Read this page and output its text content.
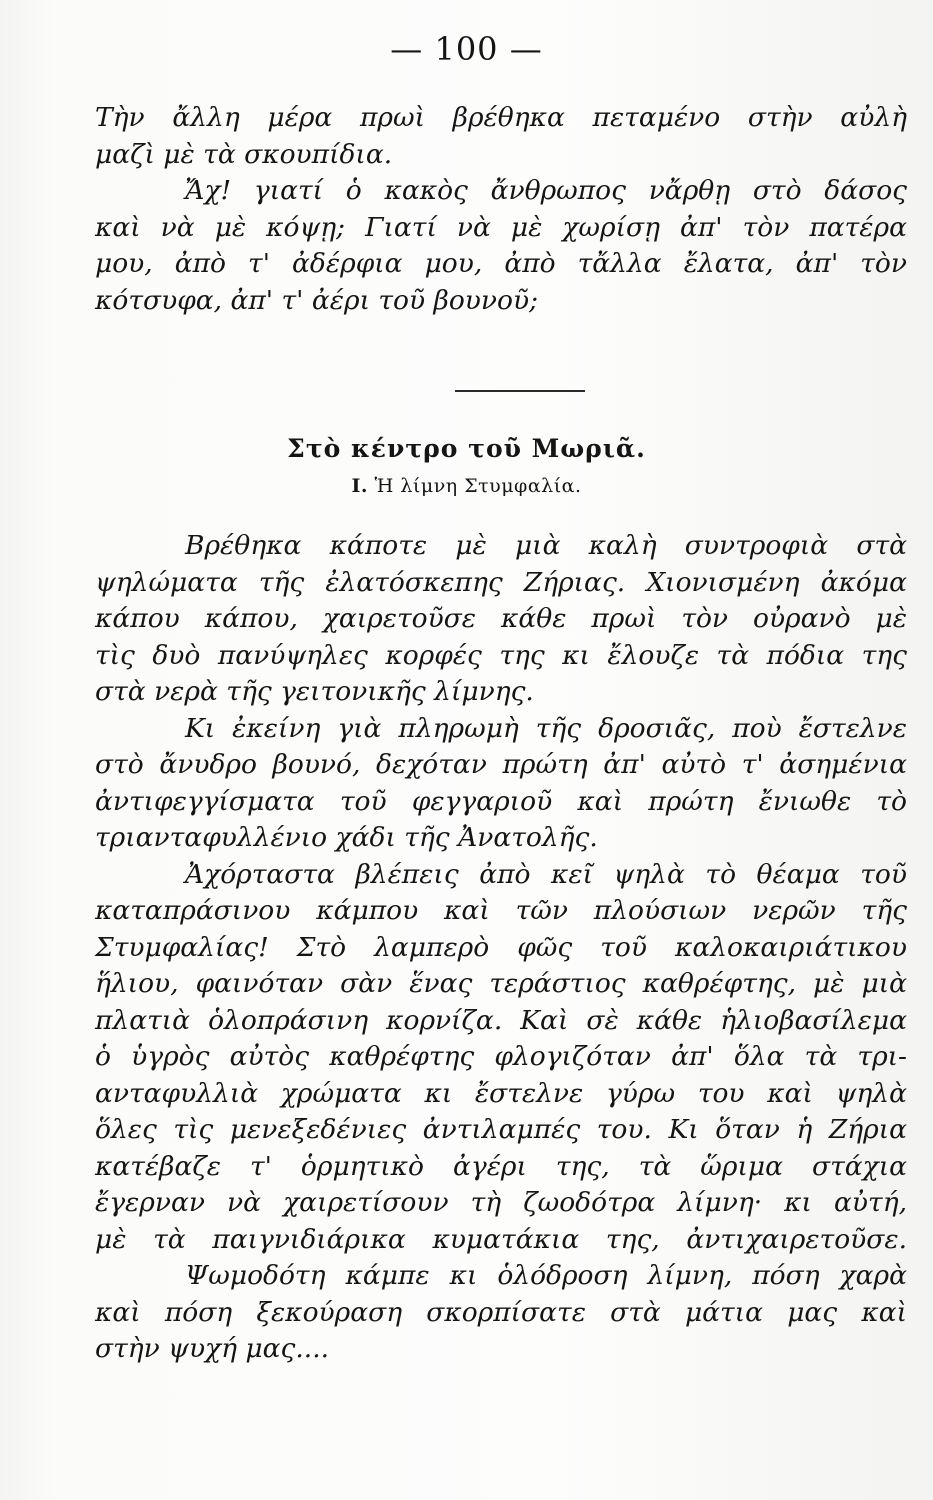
— 100 —
Τὴν ἄλλη μέρα πρωὶ βρέθηκα πεταμένο στὴν αὐλὴ
μαζὶ μὲ τὰ σκουπίδια.
Ἄχ! γιατί ὁ κακὸς ἄνθρωπος νἄρθῃ στὸ δάσος
καὶ νὰ μὲ κόψῃ; Γιατί νὰ μὲ χωρίσῃ ἀπ' τὸν πατέρα
μου, ἀπὸ τ' ἀδέρφια μου, ἀπὸ τἄλλα ἔλατα, ἀπ' τὸν
κότσυφα, ἀπ' τ' ἀέρι τοῦ βουνοῦ;
Στὸ κέντρο τοῦ Μωριᾶ.
Ι. Ἡ λίμνη Στυμφαλία.
Βρέθηκα κάποτε μὲ μιὰ καλὴ συντροφιὰ στὰ
ψηλώματα τῆς ἐλατόσκεπης Ζήριας. Χιονισμένη ἀκόμα
κάπου κάπου, χαιρετοῦσε κάθε πρωὶ τὸν οὐρανὸ μὲ
τὶς δυὸ πανύψηλες κορφές της κι ἔλουζε τὰ πόδια της
στὰ νερὰ τῆς γειτονικῆς λίμνης.
Κι ἐκείνη γιὰ πληρωμὴ τῆς δροσιᾶς, ποὺ ἔστελνε
στὸ ἄνυδρο βουνό, δεχόταν πρώτη ἀπ' αὐτὸ τ' ἀσημένια
ἀντιφεγγίσματα τοῦ φεγγαριοῦ καὶ πρώτη ἔνιωθε τὸ
τριανταφυλλένιο χάδι τῆς Ἀνατολῆς.
Ἀχόρταστα βλέπεις ἀπὸ κεῖ ψηλὰ τὸ θέαμα τοῦ
καταπράσινου κάμπου καὶ τῶν πλούσιων νερῶν τῆς
Στυμφαλίας! Στὸ λαμπερὸ φῶς τοῦ καλοκαιριάτικου
ἥλιου, φαινόταν σὰν ἕνας τεράστιος καθρέφτης, μὲ μιὰ
πλατιὰ ὁλοπράσινη κορνίζα. Καὶ σὲ κάθε ἡλιοβασίλεμα
ὁ ὑγρὸς αὐτὸς καθρέφτης φλογιζόταν ἀπ' ὅλα τὰ τρι-
ανταφυλλιὰ χρώματα κι ἔστελνε γύρω του καὶ ψηλὰ
ὅλες τὶς μενεξεδένιες ἀντιλαμπές του. Κι ὅταν ἡ Ζήρια
κατέβαζε τ' ὁρμητικὸ ἀγέρι της, τὰ ὥριμα στάχια
ἔγερναν νὰ χαιρετίσουν τὴ ζωοδότρα λίμνη· κι αὐτή,
μὲ τὰ παιγνιδιάρικα κυματάκια της, ἀντιχαιρετοῦσε.
Ψωμοδότη κάμπε κι ὁλόδροση λίμνη, πόση χαρὰ
καὶ πόση ξεκούραση σκορπίσατε στὰ μάτια μας καὶ
στὴν ψυχή μας....
